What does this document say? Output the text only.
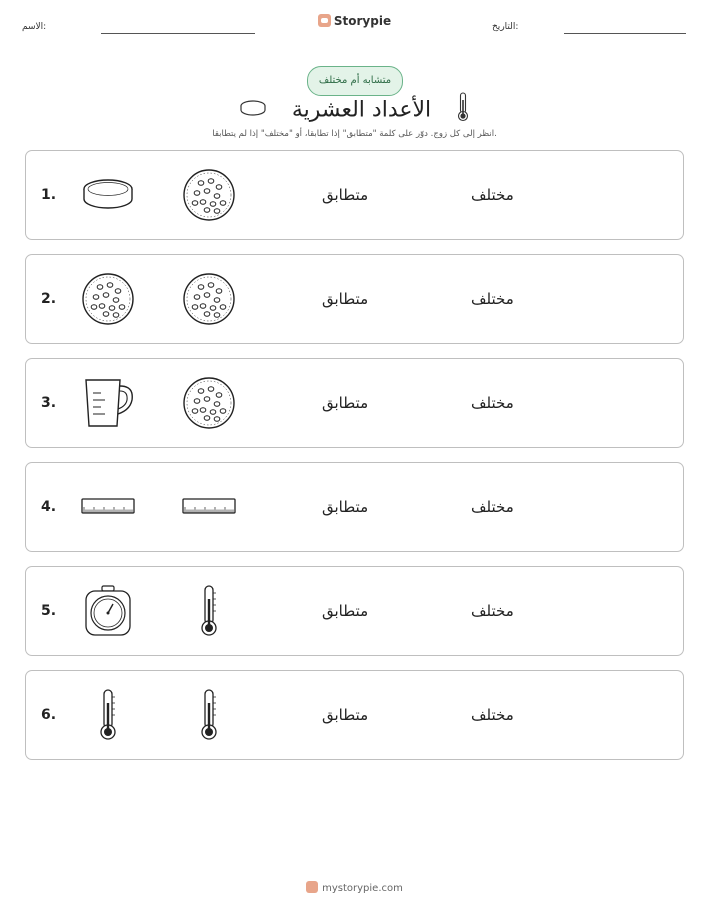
الاسم:	Storypie	التاريخ:
متشابه أم مختلف
الأعداد العشرية
انظر إلى كل زوج. دوّر على كلمة "متطابق" إذا تطابقا، أو "مختلف" إذا لم يتطابقا.
1.	متطابق	مختلف
2.	متطابق	مختلف
3.	متطابق	مختلف
4.	متطابق	مختلف
5.	متطابق	مختلف
6.	متطابق	مختلف
mystorypie.com
